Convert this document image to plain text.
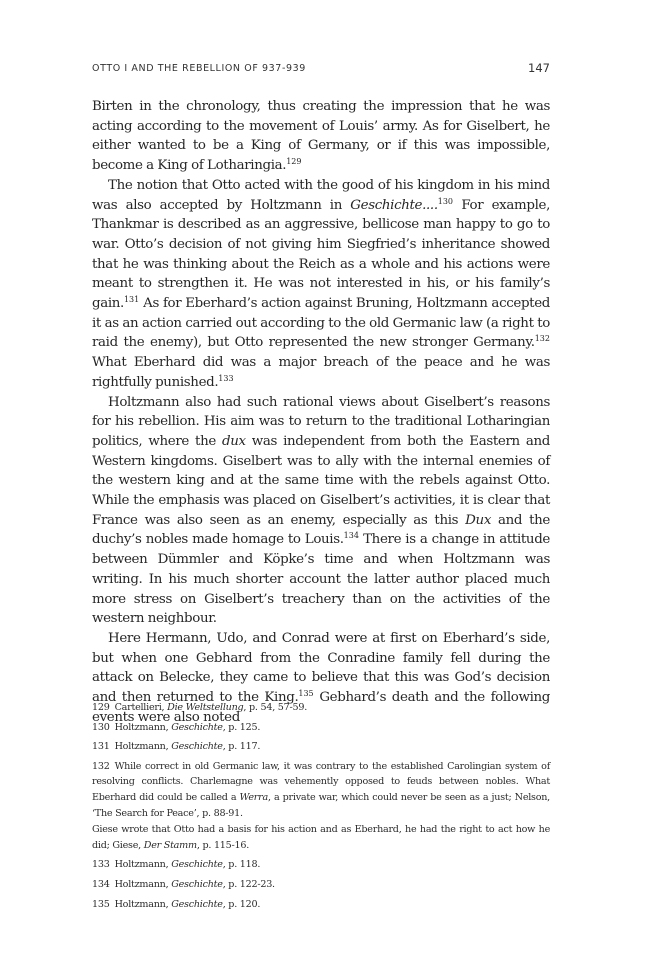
OTTO I AND THE REBELLION OF 937-939	147

Birten in the chronology, thus creating the impression that he was acting according to the movement of Louis’ army. As for Giselbert, he either wanted to be a King of Germany, or if this was impossible, become a King of Lotharingia.$^{129}$

The notion that Otto acted with the good of his kingdom in his mind was also accepted by Holtzmann in Geschichte....$^{130}$ For example, Thankmar is described as an aggressive, bellicose man happy to go to war. Otto’s decision of not giving him Siegfried’s inheritance showed that he was thinking about the Reich as a whole and his actions were meant to strengthen it. He was not interested in his, or his family’s gain.$^{131}$ As for Eberhard’s action against Bruning, Holtzmann accepted it as an action carried out according to the old Germanic law (a right to raid the enemy), but Otto represented the new stronger Germany.$^{132}$ What Eberhard did was a major breach of the peace and he was rightfully punished.$^{133}$

Holtzmann also had such rational views about Giselbert’s reasons for his rebellion. His aim was to return to the traditional Lotharingian politics, where the dux was independent from both the Eastern and Western kingdoms. Giselbert was to ally with the internal enemies of the western king and at the same time with the rebels against Otto. While the emphasis was placed on Giselbert’s activities, it is clear that France was also seen as an enemy, especially as this Dux and the duchy’s nobles made homage to Louis.$^{134}$ There is a change in attitude between Dümmler and Köpke’s time and when Holtzmann was writing. In his much shorter account the latter author placed much more stress on Giselbert’s treachery than on the activities of the western neighbour.

Here Hermann, Udo, and Conrad were at first on Eberhard’s side, but when one Gebhard from the Conradine family fell during the attack on Belecke, they came to believe that this was God’s decision and then returned to the King.$^{135}$ Gebhard’s death and the following events were also noted

129 Cartellieri, Die Weltstellung, p. 54, 57-59.

130 Holtzmann, Geschichte, p. 125.

131 Holtzmann, Geschichte, p. 117.

132 While correct in old Germanic law, it was contrary to the established Carolingian system of resolving conflicts. Charlemagne was vehemently opposed to feuds between nobles. What Eberhard did could be called a Werra, a private war, which could never be seen as a just; Nelson, ‘The Search for Peace’, p. 88-91.

Giese wrote that Otto had a basis for his action and as Eberhard, he had the right to act how he did; Giese, Der Stamm, p. 115-16.

133 Holtzmann, Geschichte, p. 118.

134 Holtzmann, Geschichte, p. 122-23.

135 Holtzmann, Geschichte, p. 120.
